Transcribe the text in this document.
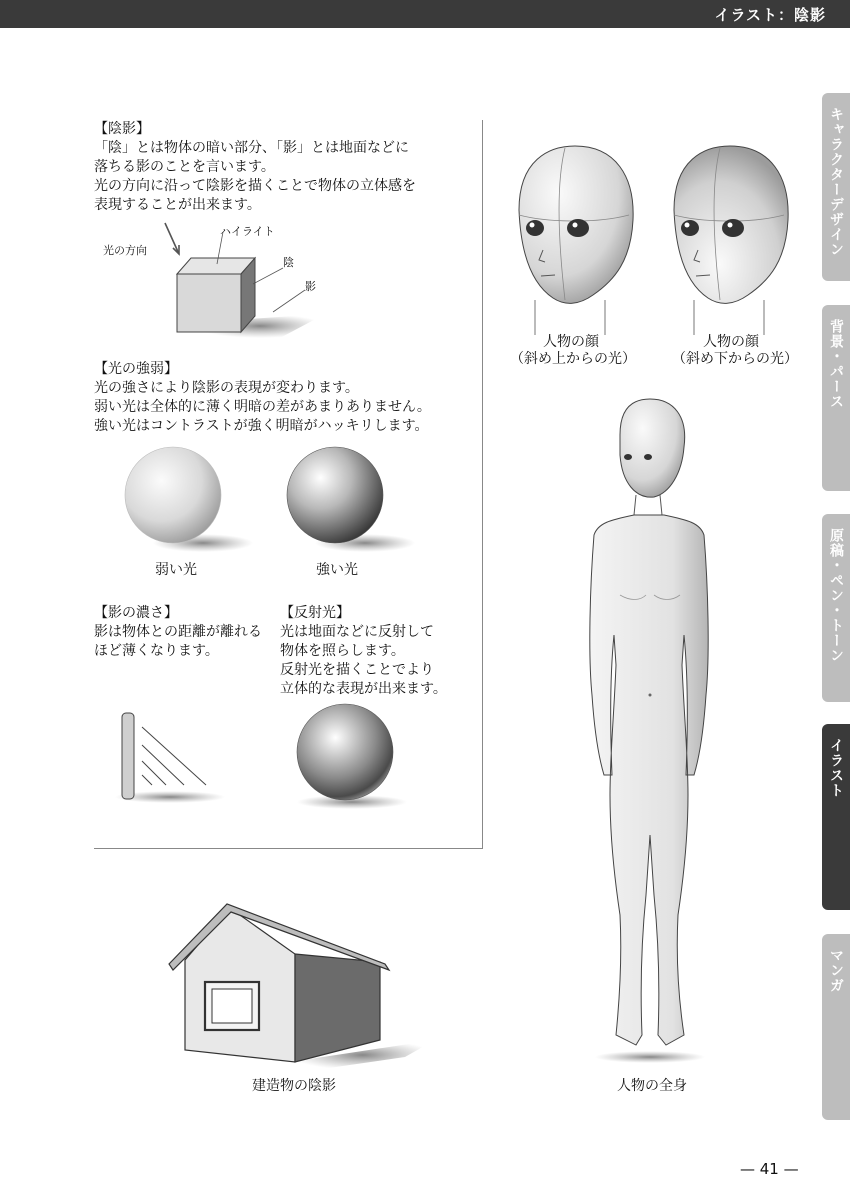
イラスト：陰影
キャラクターデザイン
背景・パース
原稿・ペン・トーン
イラスト
マンガ
【陰影】
「陰」とは物体の暗い部分、「影」とは地面などに
落ちる影のことを言います。
光の方向に沿って陰影を描くことで物体の立体感を
表現することが出来ます。
光の方向
ハイライト
陰
影
【光の強弱】
光の強さにより陰影の表現が変わります。
弱い光は全体的に薄く明暗の差があまりありません。
強い光はコントラストが強く明暗がハッキリします。
弱い光	強い光
【影の濃さ】
影は物体との距離が離れる
ほど薄くなります。
【反射光】
光は地面などに反射して
物体を照らします。
反射光を描くことでより
立体的な表現が出来ます。
建造物の陰影
人物の顔
（斜め上からの光）
人物の顔
（斜め下からの光）
人物の全身
— 41 —
